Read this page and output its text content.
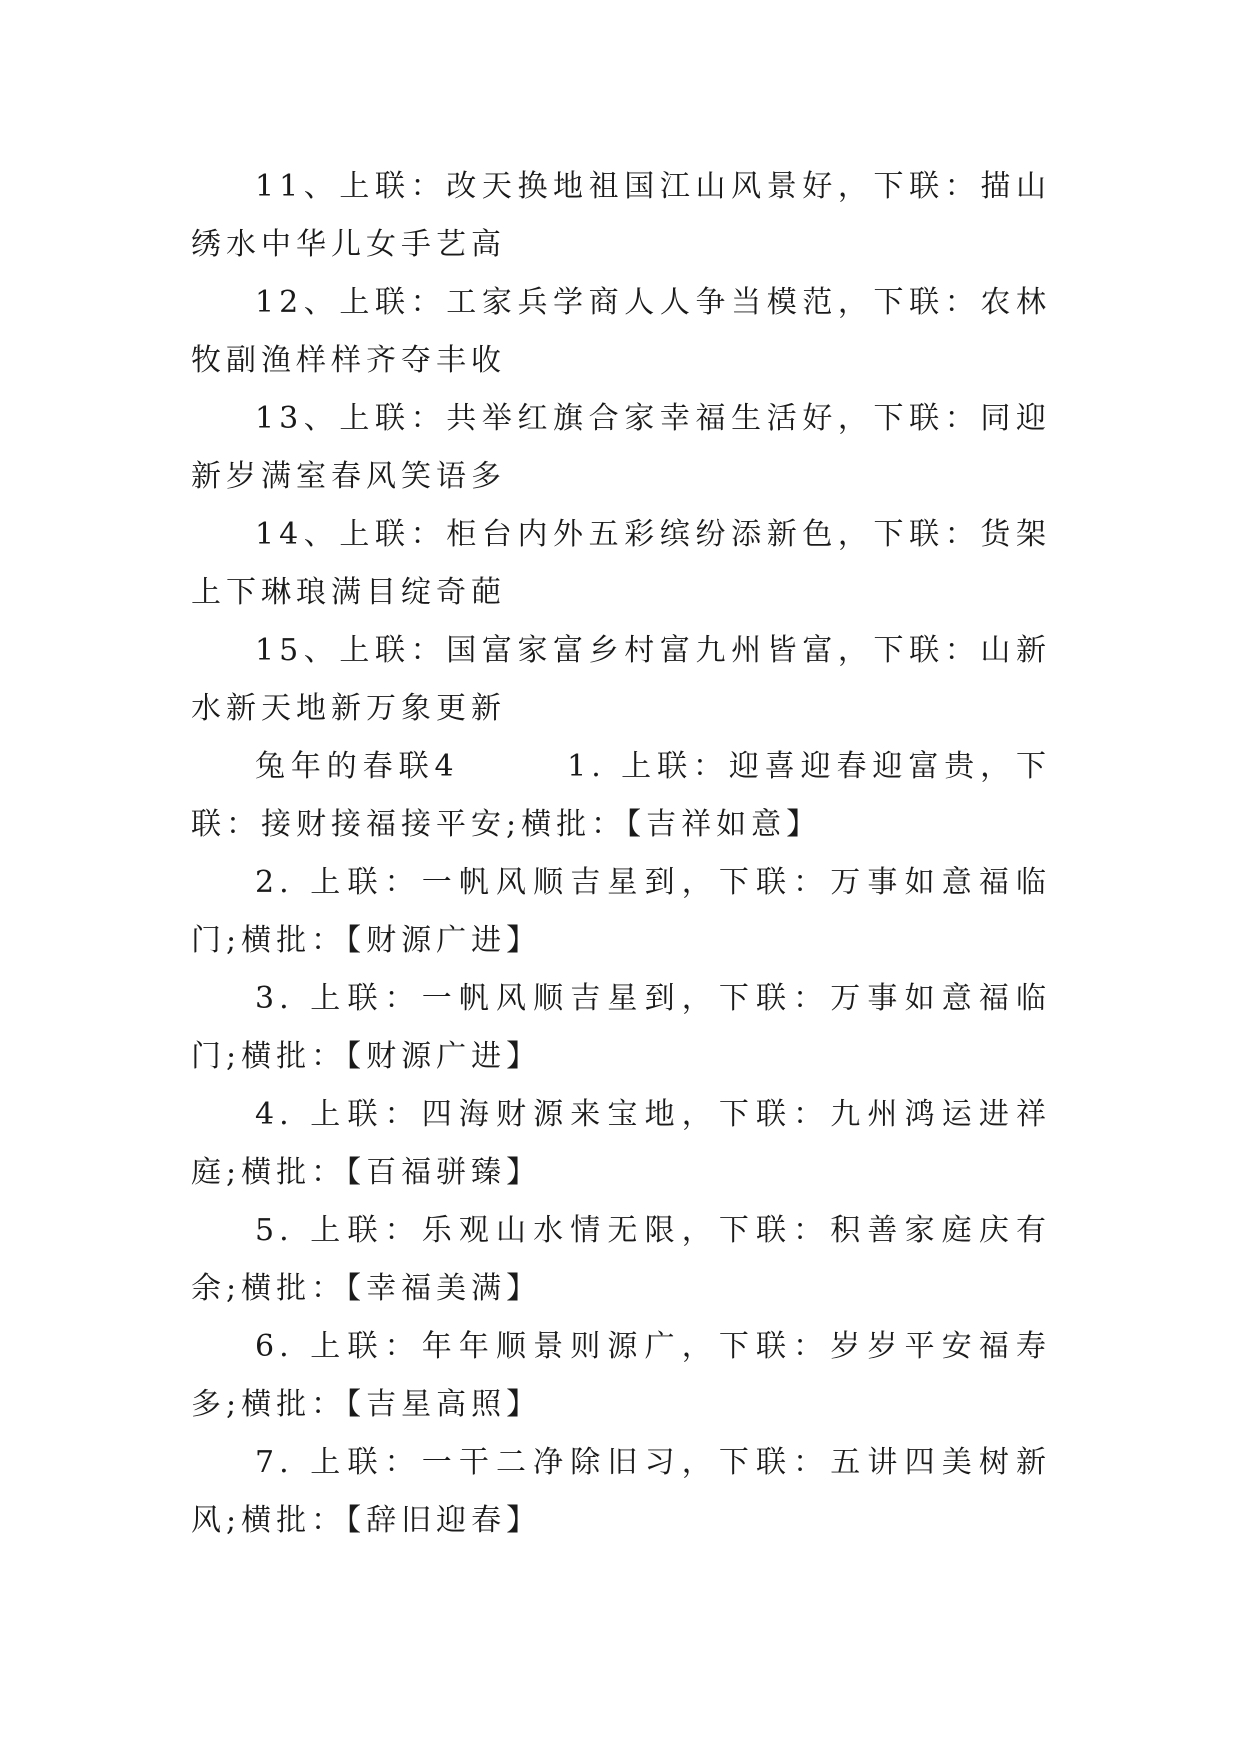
11、上联：改天换地祖国江山风景好，下联：描山绣水中华儿女手艺高

12、上联：工家兵学商人人争当模范，下联：农林牧副渔样样齐夺丰收

13、上联：共举红旗合家幸福生活好，下联：同迎新岁满室春风笑语多

14、上联：柜台内外五彩缤纷添新色，下联：货架上下琳琅满目绽奇葩

15、上联：国富家富乡村富九州皆富，下联：山新水新天地新万象更新

兔年的春联4　　　1. 上联：迎喜迎春迎富贵，下联：接财接福接平安;横批：【吉祥如意】

2. 上联：一帆风顺吉星到，下联：万事如意福临门;横批：【财源广进】

3. 上联：一帆风顺吉星到，下联：万事如意福临门;横批：【财源广进】

4. 上联：四海财源来宝地，下联：九州鸿运进祥庭;横批：【百福骈臻】

5. 上联：乐观山水情无限，下联：积善家庭庆有余;横批：【幸福美满】

6. 上联：年年顺景则源广，下联：岁岁平安福寿多;横批：【吉星高照】

7. 上联：一干二净除旧习，下联：五讲四美树新风;横批：【辞旧迎春】
